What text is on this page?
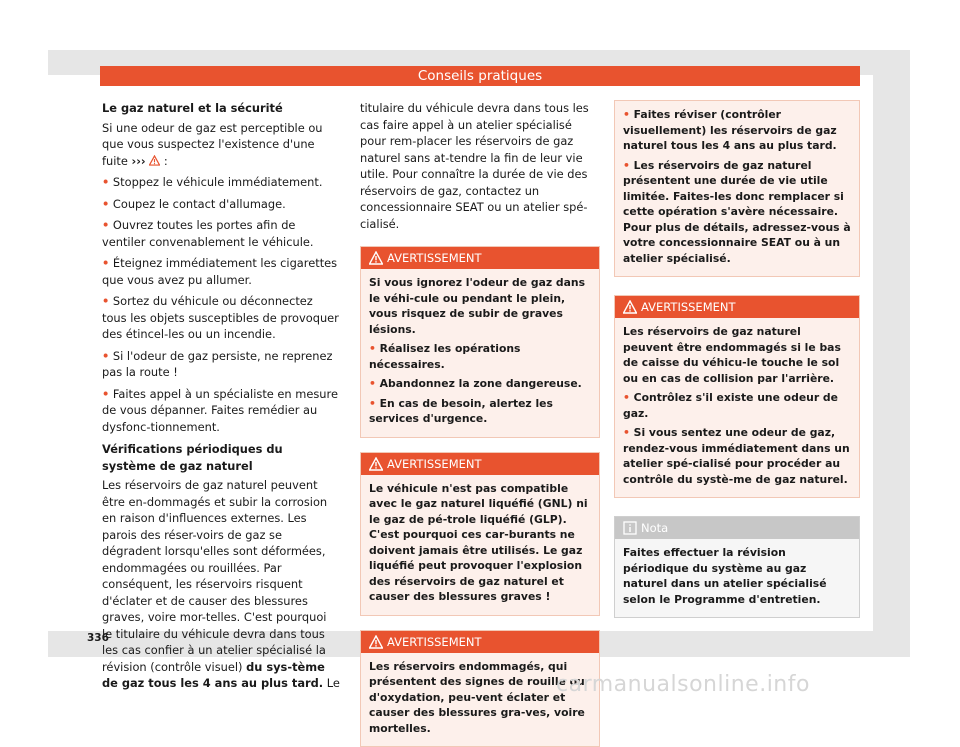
Conseils pratiques

Le gaz naturel et la sécurité

Si une odeur de gaz est perceptible ou que vous suspectez l'existence d'une fuite ››› :

• Stoppez le véhicule immédiatement.

• Coupez le contact d'allumage.

• Ouvrez toutes les portes afin de ventiler convenablement le véhicule.

• Éteignez immédiatement les cigarettes que vous avez pu allumer.

• Sortez du véhicule ou déconnectez tous les objets susceptibles de provoquer des étincel-les ou un incendie.

• Si l'odeur de gaz persiste, ne reprenez pas la route !

• Faites appel à un spécialiste en mesure de vous dépanner. Faites remédier au dysfonc-tionnement.

Vérifications périodiques du système de gaz naturel

Les réservoirs de gaz naturel peuvent être en-dommagés et subir la corrosion en raison d'influences externes. Les parois des réser-voirs de gaz se dégradent lorsqu'elles sont déformées, endommagées ou rouillées. Par conséquent, les réservoirs risquent d'éclater et de causer des blessures graves, voire mor-telles. C'est pourquoi le titulaire du véhicule devra dans tous les cas confier à un atelier spécialisé la révision (contrôle visuel) du sys-tème de gaz tous les 4 ans au plus tard. Le

titulaire du véhicule devra dans tous les cas faire appel à un atelier spécialisé pour rem-placer les réservoirs de gaz naturel sans at-tendre la fin de leur vie utile. Pour connaître la durée de vie des réservoirs de gaz, contactez un concessionnaire SEAT ou un atelier spé-cialisé.

AVERTISSEMENT

Si vous ignorez l'odeur de gaz dans le véhi-cule ou pendant le plein, vous risquez de subir de graves lésions.

• Réalisez les opérations nécessaires.

• Abandonnez la zone dangereuse.

• En cas de besoin, alertez les services d'urgence.

AVERTISSEMENT

Le véhicule n'est pas compatible avec le gaz naturel liquéfié (GNL) ni le gaz de pé-trole liquéfié (GLP). C'est pourquoi ces car-burants ne doivent jamais être utilisés. Le gaz liquéfié peut provoquer l'explosion des réservoirs de gaz naturel et causer des blessures graves !

AVERTISSEMENT

Les réservoirs endommagés, qui présentent des signes de rouille ou d'oxydation, peu-vent éclater et causer des blessures gra-ves, voire mortelles.

• Faites réviser (contrôler visuellement) les réservoirs de gaz naturel tous les 4 ans au plus tard.

• Les réservoirs de gaz naturel présentent une durée de vie utile limitée. Faites-les donc remplacer si cette opération s'avère nécessaire. Pour plus de détails, adressez-vous à votre concessionnaire SEAT ou à un atelier spécialisé.

AVERTISSEMENT

Les réservoirs de gaz naturel peuvent être endommagés si le bas de caisse du véhicu-le touche le sol ou en cas de collision par l'arrière.

• Contrôlez s'il existe une odeur de gaz.

• Si vous sentez une odeur de gaz, rendez-vous immédiatement dans un atelier spé-cialisé pour procéder au contrôle du systè-me de gaz naturel.

Nota

Faites effectuer la révision périodique du système au gaz naturel dans un atelier spécialisé selon le Programme d'entretien.

336
carmanualsonline.info
